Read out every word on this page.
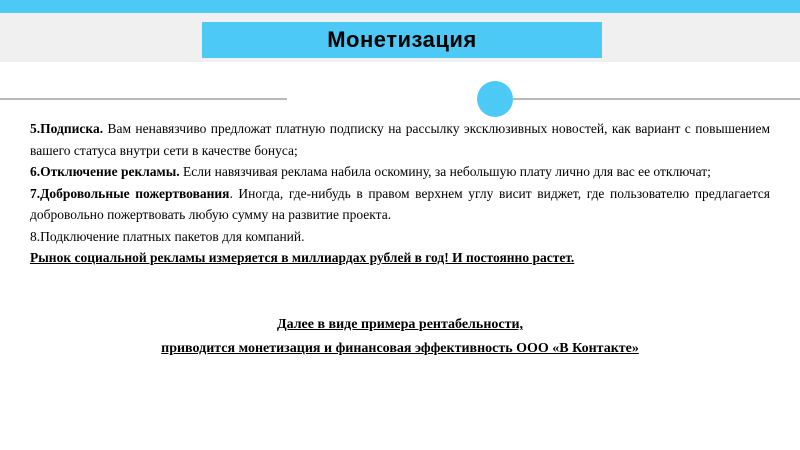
Монетизация

5.Подписка. Вам ненавязчиво предложат платную подписку на рассылку эксклюзивных новостей, как вариант с повышением вашего статуса внутри сети в качестве бонуса;

6.Отключение рекламы. Если навязчивая реклама набила оскомину, за небольшую плату лично для вас ее отключат;

7.Добровольные пожертвования. Иногда, где-нибудь в правом верхнем углу висит виджет, где пользователю предлагается добровольно пожертвовать любую сумму на развитие проекта.

8.Подключение платных пакетов для компаний.

Рынок социальной рекламы измеряется в миллиардах рублей в год! И постоянно растет.

Далее в виде примера рентабельности,
приводится монетизация и финансовая эффективность ООО «В Контакте»
